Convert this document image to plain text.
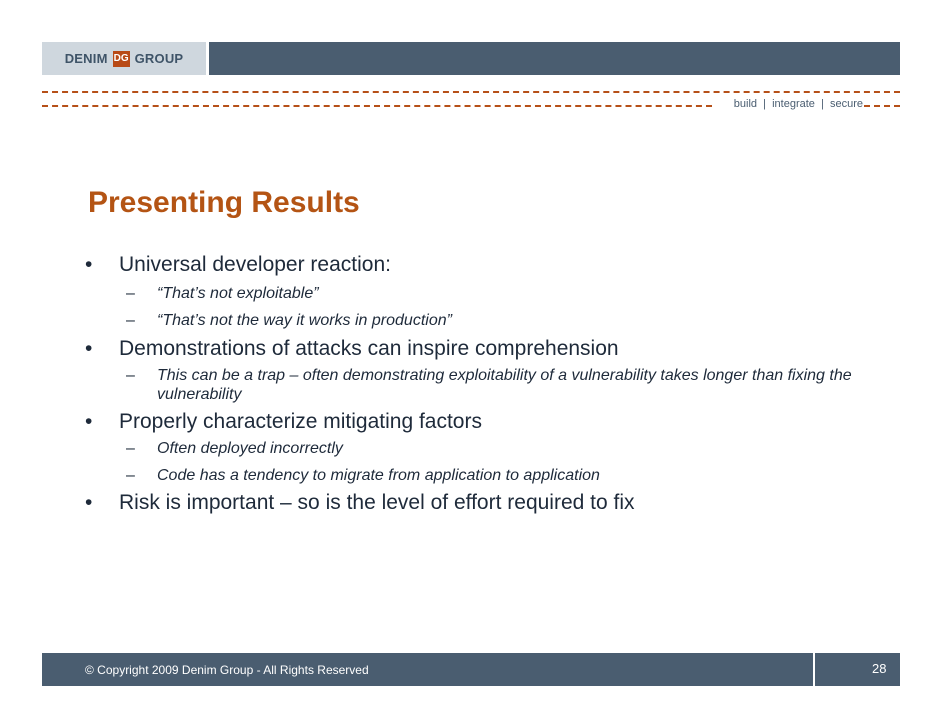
DENIM DG GROUP
build  |  integrate  |  secure
Presenting Results

• Universal developer reaction:

– “That’s not exploitable”

– “That’s not the way it works in production”

• Demonstrations of attacks can inspire comprehension

– This can be a trap – often demonstrating exploitability of a vulnerability takes longer than fixing the vulnerability

• Properly characterize mitigating factors

– Often deployed incorrectly

– Code has a tendency to migrate from application to application

• Risk is important – so is the level of effort required to fix

© Copyright 2009 Denim Group - All Rights Reserved	28
